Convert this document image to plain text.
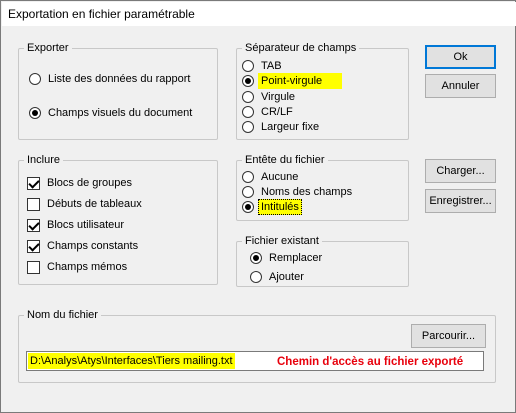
Exportation en fichier paramétrable
Exporter
Liste des données du rapport
Champs visuels du document
Séparateur de champs
TAB
Point-virgule
Virgule
CR/LF
Largeur fixe
Inclure
Blocs de groupes
Débuts de tableaux
Blocs utilisateur
Champs constants
Champs mémos
Entête du fichier
Aucune
Noms des champs
Intitulés
Fichier existant
Remplacer
Ajouter
Ok
Annuler
Charger...
Enregistrer...
Nom du fichier
Parcourir...
D:\Analys\Atys\Interfaces\Tiers mailing.txt	Chemin d'accès au fichier exporté
